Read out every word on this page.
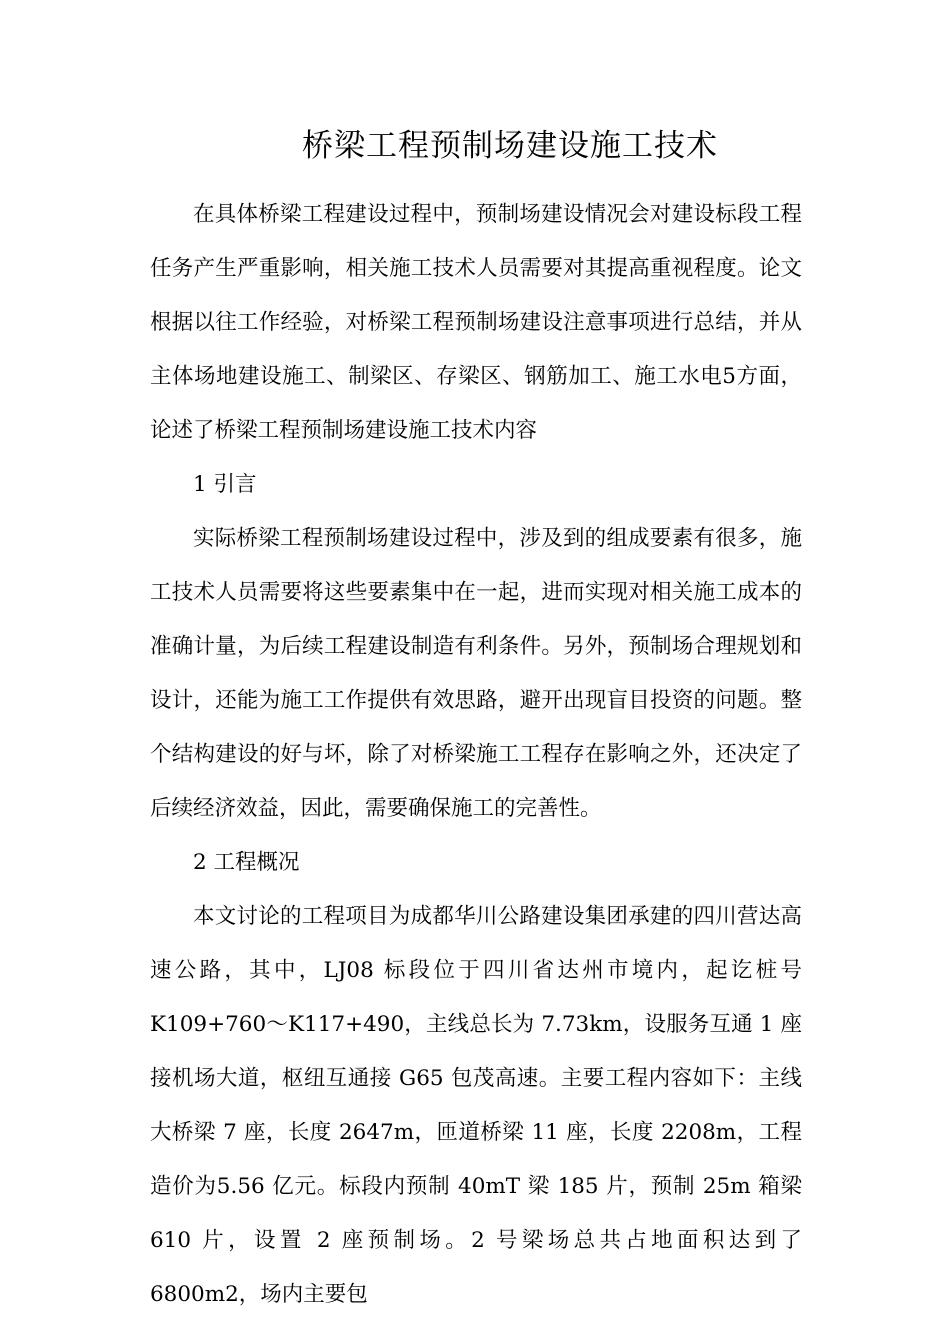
桥梁工程预制场建设施工技术

在具体桥梁工程建设过程中，预制场建设情况会对建设标段工程任务产生严重影响，相关施工技术人员需要对其提高重视程度。论文根据以往工作经验，对桥梁工程预制场建设注意事项进行总结，并从主体场地建设施工、制梁区、存梁区、钢筋加工、施工水电5方面，论述了桥梁工程预制场建设施工技术内容

1 引言

实际桥梁工程预制场建设过程中，涉及到的组成要素有很多，施工技术人员需要将这些要素集中在一起，进而实现对相关施工成本的准确计量，为后续工程建设制造有利条件。另外，预制场合理规划和设计，还能为施工工作提供有效思路，避开出现盲目投资的问题。整个结构建设的好与坏，除了对桥梁施工工程存在影响之外，还决定了后续经济效益，因此，需要确保施工的完善性。

2 工程概况

本文讨论的工程项目为成都华川公路建设集团承建的四川营达高速公路，其中，LJ08 标段位于四川省达州市境内，起讫桩号K109+760～K117+490，主线总长为 7.73km，设服务互通 1 座接机场大道，枢纽互通接 G65 包茂高速。主要工程内容如下：主线大桥梁 7 座，长度 2647m，匝道桥梁 11 座，长度 2208m，工程造价为5.56 亿元。标段内预制 40mT 梁 185 片，预制 25m 箱梁 610 片，设置 2 座预制场。2 号梁场总共占地面积达到了 6800m2，场内主要包
